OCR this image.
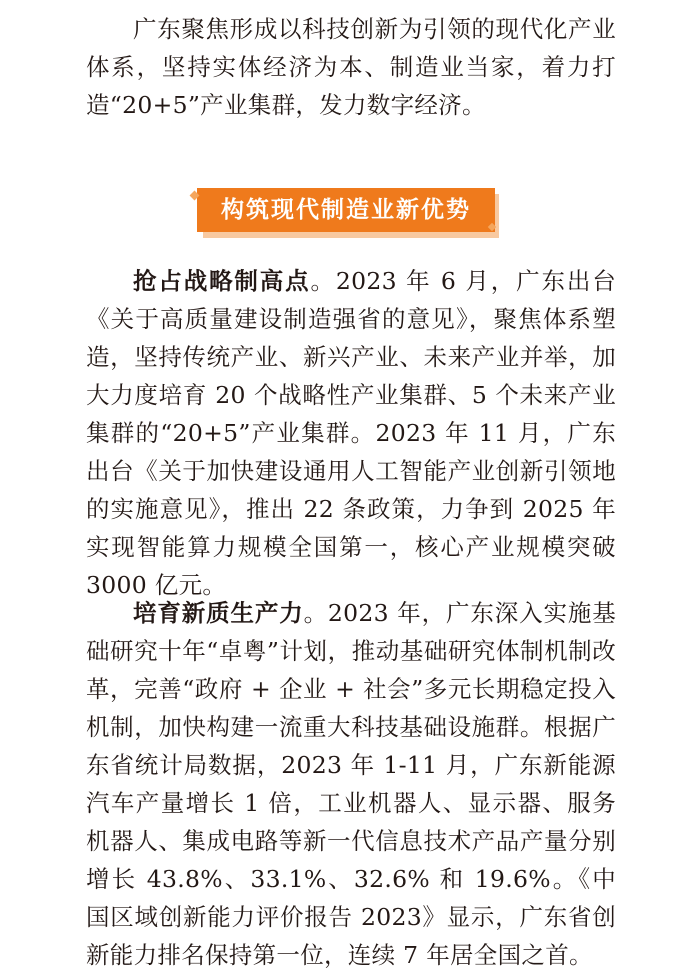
广东聚焦形成以科技创新为引领的现代化产业体系，坚持实体经济为本、制造业当家，着力打造“20+5”产业集群，发力数字经济。

构筑现代制造业新优势

抢占战略制高点。2023 年 6 月，广东出台《关于高质量建设制造强省的意见》，聚焦体系塑造，坚持传统产业、新兴产业、未来产业并举，加大力度培育 20 个战略性产业集群、5 个未来产业集群的“20+5”产业集群。2023 年 11 月，广东出台《关于加快建设通用人工智能产业创新引领地的实施意见》，推出 22 条政策，力争到 2025 年实现智能算力规模全国第一，核心产业规模突破 3000 亿元。

培育新质生产力。2023 年，广东深入实施基础研究十年“卓粤”计划，推动基础研究体制机制改革，完善“政府 + 企业 + 社会”多元长期稳定投入机制，加快构建一流重大科技基础设施群。根据广东省统计局数据，2023 年 1-11 月，广东新能源汽车产量增长 1 倍，工业机器人、显示器、服务机器人、集成电路等新一代信息技术产品产量分别增长 43.8%、33.1%、32.6% 和 19.6%。《中国区域创新能力评价报告 2023》显示，广东省创新能力排名保持第一位，连续 7 年居全国之首。
